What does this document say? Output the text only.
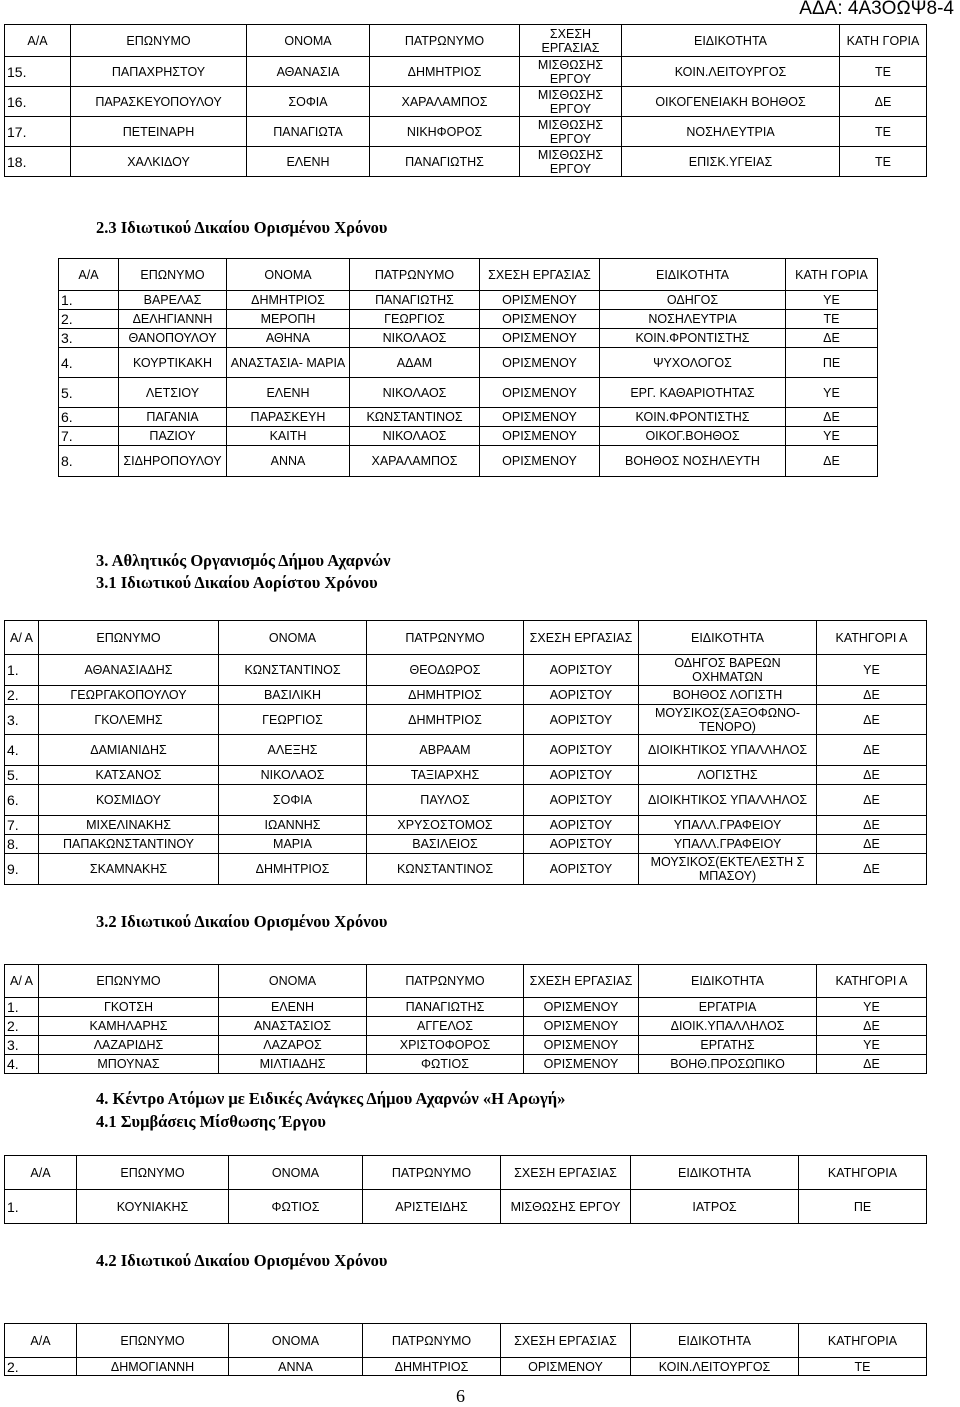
ΑΔΑ: 4Α3ΟΩΨ8-4
Α/Α	ΕΠΩΝΥΜΟ	ΟΝΟΜΑ	ΠΑΤΡΩΝΥΜΟ	ΣΧΕΣΗ ΕΡΓΑΣΙΑΣ	ΕΙΔΙΚΟΤΗΤΑ	ΚΑΤΗ ΓΟΡΙΑ
15.	ΠΑΠΑΧΡΗΣΤΟΥ	ΑΘΑΝΑΣΙΑ	ΔΗΜΗΤΡΙΟΣ	ΜΙΣΘΩΣΗΣ ΕΡΓΟΥ	ΚΟΙΝ.ΛΕΙΤΟΥΡΓΟΣ	ΤΕ
16.	ΠΑΡΑΣΚΕΥΟΠΟΥΛΟΥ	ΣΟΦΙΑ	ΧΑΡΑΛΑΜΠΟΣ	ΜΙΣΘΩΣΗΣ ΕΡΓΟΥ	ΟΙΚΟΓΕΝΕΙΑΚΗ ΒΟΗΘΟΣ	ΔΕ
17.	ΠΕΤΕΙΝΑΡΗ	ΠΑΝΑΓΙΩΤΑ	ΝΙΚΗΦΟΡΟΣ	ΜΙΣΘΩΣΗΣ ΕΡΓΟΥ	ΝΟΣΗΛΕΥΤΡΙΑ	ΤΕ
18.	ΧΑΛΚΙΔΟΥ	ΕΛΕΝΗ	ΠΑΝΑΓΙΩΤΗΣ	ΜΙΣΘΩΣΗΣ ΕΡΓΟΥ	ΕΠΙΣΚ.ΥΓΕΙΑΣ	ΤΕ
2.3 Ιδιωτικού Δικαίου Ορισμένου Χρόνου
Α/Α	ΕΠΩΝΥΜΟ	ΟΝΟΜΑ	ΠΑΤΡΩΝΥΜΟ	ΣΧΕΣΗ ΕΡΓΑΣΙΑΣ	ΕΙΔΙΚΟΤΗΤΑ	ΚΑΤΗ ΓΟΡΙΑ
1.	ΒΑΡΕΛΑΣ	ΔΗΜΗΤΡΙΟΣ	ΠΑΝΑΓΙΩΤΗΣ	ΟΡΙΣΜΕΝΟΥ	ΟΔΗΓΟΣ	ΥΕ
2.	ΔΕΛΗΓΙΑΝΝΗ	ΜΕΡΟΠΗ	ΓΕΩΡΓΙΟΣ	ΟΡΙΣΜΕΝΟΥ	ΝΟΣΗΛΕΥΤΡΙΑ	ΤΕ
3.	ΘΑΝΟΠΟΥΛΟΥ	ΑΘΗΝΑ	ΝΙΚΟΛΑΟΣ	ΟΡΙΣΜΕΝΟΥ	ΚΟΙΝ.ΦΡΟΝΤΙΣΤΗΣ	ΔΕ
4.	ΚΟΥΡΤΙΚΑΚΗ	ΑΝΑΣΤΑΣΙΑ- ΜΑΡΙΑ	ΑΔΑΜ	ΟΡΙΣΜΕΝΟΥ	ΨΥΧΟΛΟΓΟΣ	ΠΕ
5.	ΛΕΤΣΙΟΥ	ΕΛΕΝΗ	ΝΙΚΟΛΑΟΣ	ΟΡΙΣΜΕΝΟΥ	ΕΡΓ. ΚΑΘΑΡΙΟΤΗΤΑΣ	ΥΕ
6.	ΠΑΓΑΝΙΑ	ΠΑΡΑΣΚΕΥΗ	ΚΩΝΣΤΑΝΤΙΝΟΣ	ΟΡΙΣΜΕΝΟΥ	ΚΟΙΝ.ΦΡΟΝΤΙΣΤΗΣ	ΔΕ
7.	ΠΑΖΙΟΥ	ΚΑΙΤΗ	ΝΙΚΟΛΑΟΣ	ΟΡΙΣΜΕΝΟΥ	ΟΙΚΟΓ.ΒΟΗΘΟΣ	ΥΕ
8.	ΣΙΔΗΡΟΠΟΥΛΟΥ	ΑΝΝΑ	ΧΑΡΑΛΑΜΠΟΣ	ΟΡΙΣΜΕΝΟΥ	ΒΟΗΘΟΣ ΝΟΣΗΛΕΥΤΗ	ΔΕ
3. Αθλητικός Οργανισμός Δήμου Αχαρνών
3.1 Ιδιωτικού Δικαίου Αορίστου Χρόνου
Α/ Α	ΕΠΩΝΥΜΟ	ΟΝΟΜΑ	ΠΑΤΡΩΝΥΜΟ	ΣΧΕΣΗ ΕΡΓΑΣΙΑΣ	ΕΙΔΙΚΟΤΗΤΑ	ΚΑΤΗΓΟΡΙ Α
1.	ΑΘΑΝΑΣΙΑΔΗΣ	ΚΩΝΣΤΑΝΤΙΝΟΣ	ΘΕΟΔΩΡΟΣ	ΑΟΡΙΣΤΟΥ	ΟΔΗΓΟΣ ΒΑΡΕΩΝ ΟΧΗΜΑΤΩΝ	ΥΕ
2.	ΓΕΩΡΓΑΚΟΠΟΥΛΟΥ	ΒΑΣΙΛΙΚΗ	ΔΗΜΗΤΡΙΟΣ	ΑΟΡΙΣΤΟΥ	ΒΟΗΘΟΣ ΛΟΓΙΣΤΗ	ΔΕ
3.	ΓΚΟΛΕΜΗΣ	ΓΕΩΡΓΙΟΣ	ΔΗΜΗΤΡΙΟΣ	ΑΟΡΙΣΤΟΥ	ΜΟΥΣΙΚΟΣ(ΣΑΞΟΦΩΝΟ- ΤΕΝΟΡΟ)	ΔΕ
4.	ΔΑΜΙΑΝΙΔΗΣ	ΑΛΕΞΗΣ	ΑΒΡΑΑΜ	ΑΟΡΙΣΤΟΥ	ΔΙΟΙΚΗΤΙΚΟΣ ΥΠΑΛΛΗΛΟΣ	ΔΕ
5.	ΚΑΤΣΑΝΟΣ	ΝΙΚΟΛΑΟΣ	ΤΑΞΙΑΡΧΗΣ	ΑΟΡΙΣΤΟΥ	ΛΟΓΙΣΤΗΣ	ΔΕ
6.	ΚΟΣΜΙΔΟΥ	ΣΟΦΙΑ	ΠΑΥΛΟΣ	ΑΟΡΙΣΤΟΥ	ΔΙΟΙΚΗΤΙΚΟΣ ΥΠΑΛΛΗΛΟΣ	ΔΕ
7.	ΜΙΧΕΛΙΝΑΚΗΣ	ΙΩΑΝΝΗΣ	ΧΡΥΣΟΣΤΟΜΟΣ	ΑΟΡΙΣΤΟΥ	ΥΠΑΛΛ.ΓΡΑΦΕΙΟΥ	ΔΕ
8.	ΠΑΠΑΚΩΝΣΤΑΝΤΙΝΟΥ	ΜΑΡΙΑ	ΒΑΣΙΛΕΙΟΣ	ΑΟΡΙΣΤΟΥ	ΥΠΑΛΛ.ΓΡΑΦΕΙΟΥ	ΔΕ
9.	ΣΚΑΜΝΑΚΗΣ	ΔΗΜΗΤΡΙΟΣ	ΚΩΝΣΤΑΝΤΙΝΟΣ	ΑΟΡΙΣΤΟΥ	ΜΟΥΣΙΚΟΣ(ΕΚΤΕΛΕΣΤΗ Σ ΜΠΑΣΟΥ)	ΔΕ
3.2 Ιδιωτικού Δικαίου Ορισμένου Χρόνου
Α/ Α	ΕΠΩΝΥΜΟ	ΟΝΟΜΑ	ΠΑΤΡΩΝΥΜΟ	ΣΧΕΣΗ ΕΡΓΑΣΙΑΣ	ΕΙΔΙΚΟΤΗΤΑ	ΚΑΤΗΓΟΡΙ Α
1.	ΓΚΟΤΣΗ	ΕΛΕΝΗ	ΠΑΝΑΓΙΩΤΗΣ	ΟΡΙΣΜΕΝΟΥ	ΕΡΓΑΤΡΙΑ	ΥΕ
2.	ΚΑΜΗΛΑΡΗΣ	ΑΝΑΣΤΑΣΙΟΣ	ΑΓΓΕΛΟΣ	ΟΡΙΣΜΕΝΟΥ	ΔΙΟΙΚ.ΥΠΑΛΛΗΛΟΣ	ΔΕ
3.	ΛΑΖΑΡΙΔΗΣ	ΛΑΖΑΡΟΣ	ΧΡΙΣΤΟΦΟΡΟΣ	ΟΡΙΣΜΕΝΟΥ	ΕΡΓΑΤΗΣ	ΥΕ
4.	ΜΠΟΥΝΑΣ	ΜΙΛΤΙΑΔΗΣ	ΦΩΤΙΟΣ	ΟΡΙΣΜΕΝΟΥ	ΒΟΗΘ.ΠΡΟΣΩΠΙΚΟ	ΔΕ
4. Κέντρο Ατόμων με Ειδικές Ανάγκες Δήμου Αχαρνών «Η Αρωγή»
4.1 Συμβάσεις Μίσθωσης Έργου
Α/Α	ΕΠΩΝΥΜΟ	ΟΝΟΜΑ	ΠΑΤΡΩΝΥΜΟ	ΣΧΕΣΗ ΕΡΓΑΣΙΑΣ	ΕΙΔΙΚΟΤΗΤΑ	ΚΑΤΗΓΟΡΙΑ
1.	ΚΟΥΝΙΑΚΗΣ	ΦΩΤΙΟΣ	ΑΡΙΣΤΕΙΔΗΣ	ΜΙΣΘΩΣΗΣ ΕΡΓΟΥ	ΙΑΤΡΟΣ	ΠΕ
4.2 Ιδιωτικού Δικαίου Ορισμένου Χρόνου
Α/Α	ΕΠΩΝΥΜΟ	ΟΝΟΜΑ	ΠΑΤΡΩΝΥΜΟ	ΣΧΕΣΗ ΕΡΓΑΣΙΑΣ	ΕΙΔΙΚΟΤΗΤΑ	ΚΑΤΗΓΟΡΙΑ
2.	ΔΗΜΟΓΙΑΝΝΗ	ΑΝΝΑ	ΔΗΜΗΤΡΙΟΣ	ΟΡΙΣΜΕΝΟΥ	ΚΟΙΝ.ΛΕΙΤΟΥΡΓΟΣ	ΤΕ
6
